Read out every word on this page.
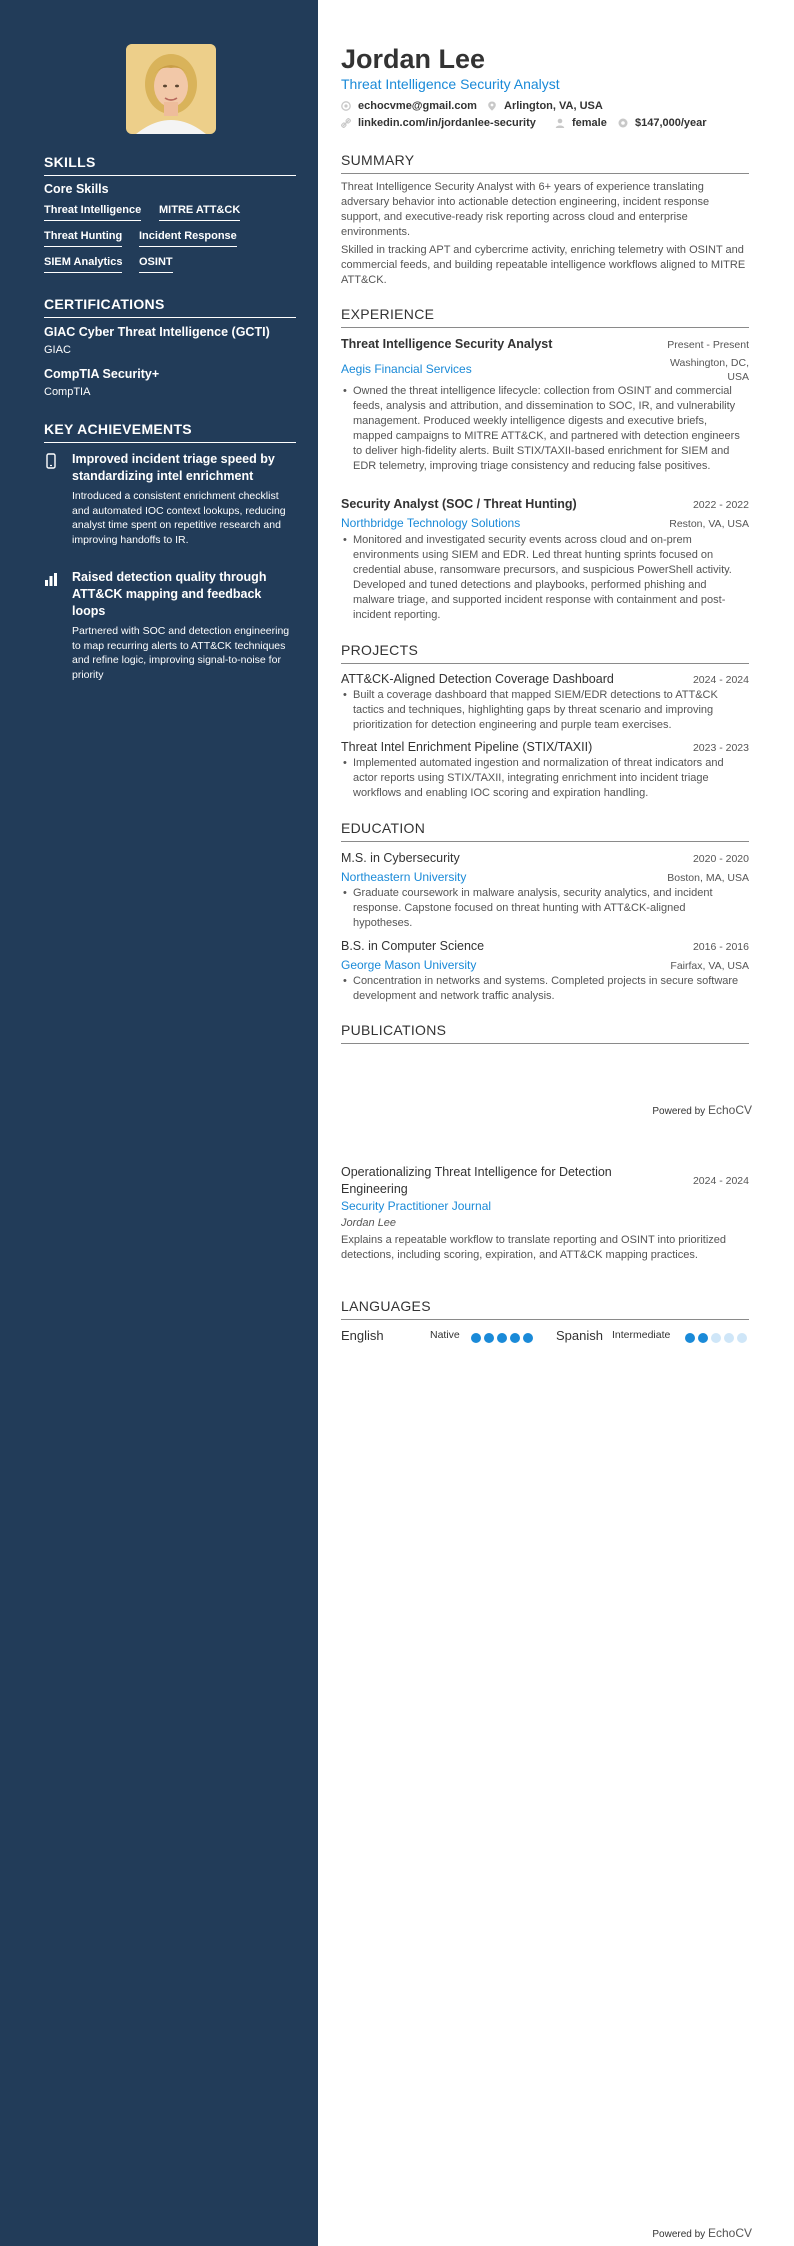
SKILLS
Core Skills
Threat Intelligence MITRE ATT&CK
Threat Hunting Incident Response
SIEM Analytics OSINT
CERTIFICATIONS
GIAC Cyber Threat Intelligence (GCTI)
GIAC
CompTIA Security+
CompTIA
KEY ACHIEVEMENTS
Improved incident triage speed by standardizing intel enrichment
Introduced a consistent enrichment checklist and automated IOC context lookups, reducing analyst time spent on repetitive research and improving handoffs to IR.
Raised detection quality through ATT&CK mapping and feedback loops
Partnered with SOC and detection engineering to map recurring alerts to ATT&CK techniques and refine logic, improving signal-to-noise for priority
Jordan Lee
Threat Intelligence Security Analyst
echocvme@gmail.com Arlington, VA, USA
linkedin.com/in/jordanlee-security	female	$147,000/year
SUMMARY
Threat Intelligence Security Analyst with 6+ years of experience translating adversary behavior into actionable detection engineering, incident response support, and executive-ready risk reporting across cloud and enterprise environments.
Skilled in tracking APT and cybercrime activity, enriching telemetry with OSINT and commercial feeds, and building repeatable intelligence workflows aligned to MITRE ATT&CK.
EXPERIENCE
Threat Intelligence Security Analyst	Present - Present
Aegis Financial Services	Washington, DC, USA
• Owned the threat intelligence lifecycle: collection from OSINT and commercial feeds, analysis and attribution, and dissemination to SOC, IR, and vulnerability management. Produced weekly intelligence digests and executive briefs, mapped campaigns to MITRE ATT&CK, and partnered with detection engineers to deliver high-fidelity alerts. Built STIX/TAXII-based enrichment for SIEM and EDR telemetry, improving triage consistency and reducing false positives.
Security Analyst (SOC / Threat Hunting)	2022 - 2022
Northbridge Technology Solutions	Reston, VA, USA
• Monitored and investigated security events across cloud and on-prem environments using SIEM and EDR. Led threat hunting sprints focused on credential abuse, ransomware precursors, and suspicious PowerShell activity. Developed and tuned detections and playbooks, performed phishing and malware triage, and supported incident response with containment and post-incident reporting.
PROJECTS
ATT&CK-Aligned Detection Coverage Dashboard	2024 - 2024
• Built a coverage dashboard that mapped SIEM/EDR detections to ATT&CK tactics and techniques, highlighting gaps by threat scenario and improving prioritization for detection engineering and purple team exercises.
Threat Intel Enrichment Pipeline (STIX/TAXII)	2023 - 2023
• Implemented automated ingestion and normalization of threat indicators and actor reports using STIX/TAXII, integrating enrichment into incident triage workflows and enabling IOC scoring and expiration handling.
EDUCATION
M.S. in Cybersecurity	2020 - 2020
Northeastern University	Boston, MA, USA
• Graduate coursework in malware analysis, security analytics, and incident response. Capstone focused on threat hunting with ATT&CK-aligned hypotheses.
B.S. in Computer Science	2016 - 2016
George Mason University	Fairfax, VA, USA
• Concentration in networks and systems. Completed projects in secure software development and network traffic analysis.
PUBLICATIONS
Powered by EchoCV
Operationalizing Threat Intelligence for Detection Engineering
2024 - 2024
Security Practitioner Journal
Jordan Lee
Explains a repeatable workflow to translate reporting and OSINT into prioritized detections, including scoring, expiration, and ATT&CK mapping practices.
LANGUAGES
English	Native	Spanish Intermediate
Powered by EchoCV
